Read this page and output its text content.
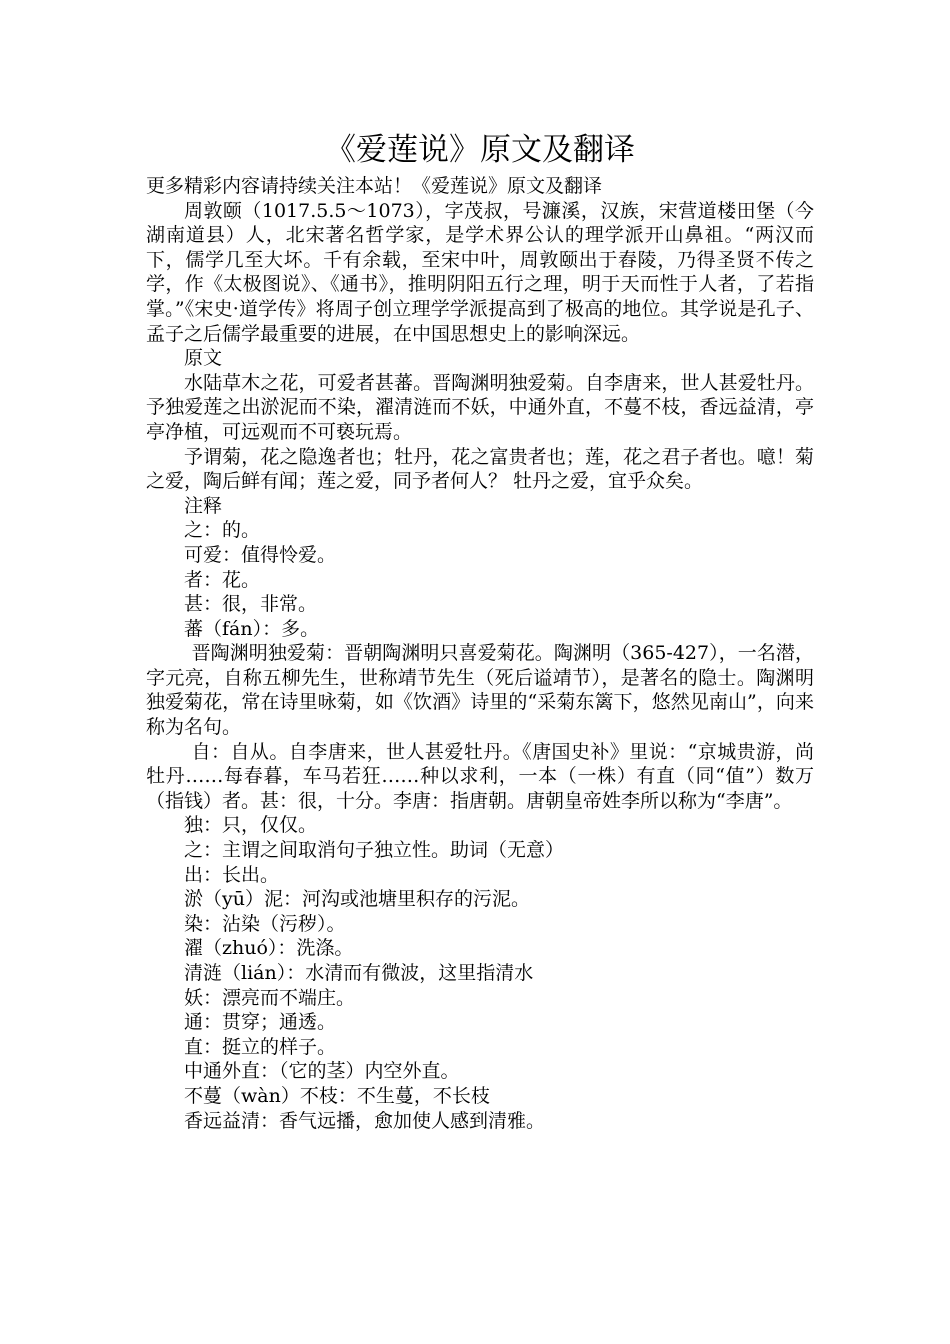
《爱莲说》原文及翻译

更多精彩内容请持续关注本站！《爱莲说》原文及翻译

周敦颐（1017.5.5～1073），字茂叔，号濂溪，汉族，宋营道楼田堡（今湖南道县）人，北宋著名哲学家，是学术界公认的理学派开山鼻祖。“两汉而下，儒学几至大坏。千有余载，至宋中叶，周敦颐出于舂陵，乃得圣贤不传之学，作《太极图说》、《通书》，推明阴阳五行之理，明于天而性于人者，了若指掌。”《宋史·道学传》将周子创立理学学派提高到了极高的地位。其学说是孔子、孟子之后儒学最重要的进展，在中国思想史上的影响深远。

原文

水陆草木之花，可爱者甚蕃。晋陶渊明独爱菊。自李唐来，世人甚爱牡丹。予独爱莲之出淤泥而不染，濯清涟而不妖，中通外直，不蔓不枝，香远益清，亭亭净植，可远观而不可亵玩焉。

予谓菊，花之隐逸者也；牡丹，花之富贵者也；莲，花之君子者也。噫！菊之爱，陶后鲜有闻；莲之爱，同予者何人？ 牡丹之爱，宜乎众矣。

注释

之：的。

可爱：值得怜爱。

者：花。

甚：很，非常。

蕃（fán）：多。

晋陶渊明独爱菊：晋朝陶渊明只喜爱菊花。陶渊明（365-427），一名潜，字元亮，自称五柳先生，世称靖节先生（死后谥靖节），是著名的隐士。陶渊明独爱菊花，常在诗里咏菊，如《饮酒》诗里的“采菊东篱下，悠然见南山”，向来称为名句。

自：自从。自李唐来，世人甚爱牡丹。《唐国史补》里说：“京城贵游，尚牡丹……每春暮，车马若狂……种以求利，一本（一株）有直（同“值”）数万（指钱）者。甚：很，十分。李唐：指唐朝。唐朝皇帝姓李所以称为“李唐”。

独：只，仅仅。

之：主谓之间取消句子独立性。助词（无意）

出：长出。

淤（yū）泥：河沟或池塘里积存的污泥。

染：沾染（污秽）。

濯（zhuó）：洗涤。

清涟（lián）：水清而有微波，这里指清水

妖：漂亮而不端庄。

通：贯穿；通透。

直：挺立的样子。

中通外直：（它的茎）内空外直。

不蔓（wàn）不枝：不生蔓，不长枝

香远益清：香气远播，愈加使人感到清雅。
